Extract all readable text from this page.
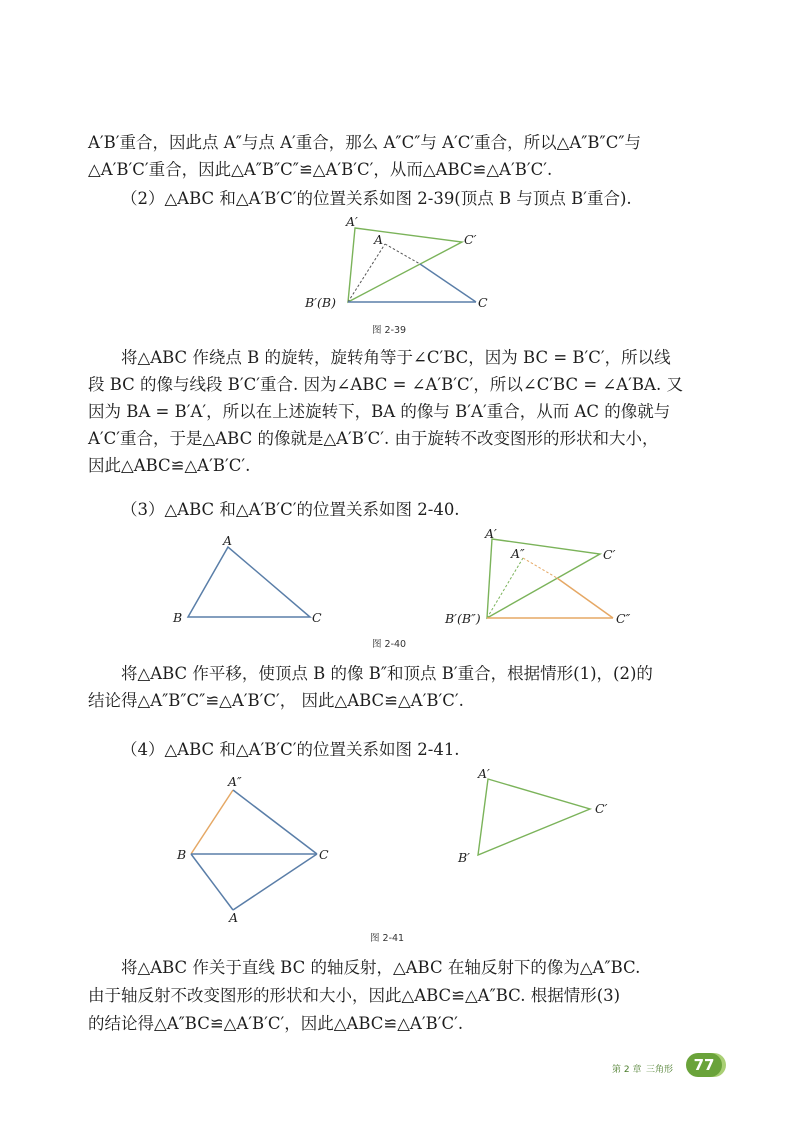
A′B′重合，因此点 A″与点 A′重合，那么 A″C″与 A′C′重合，所以△A″B″C″与

△A′B′C′重合，因此△A″B″C″≌△A′B′C′，从而△ABC≌△A′B′C′.

（2）△ABC 和△A′B′C′的位置关系如图 2-39(顶点 B 与顶点 B′重合).

A′
A	C′
B′(B)	C

图 2-39

将△ABC 作绕点 B 的旋转，旋转角等于∠C′BC，因为 BC = B′C′，所以线

段 BC 的像与线段 B′C′重合. 因为∠ABC = ∠A′B′C′，所以∠C′BC = ∠A′BA. 又

因为 BA = B′A′，所以在上述旋转下，BA 的像与 B′A′重合，从而 AC 的像就与

A′C′重合，于是△ABC 的像就是△A′B′C′. 由于旋转不改变图形的形状和大小，

因此△ABC≌△A′B′C′.

（3）△ABC 和△A′B′C′的位置关系如图 2-40.

A
B	C
A′
A″	C′
B′(B″)	C″

图 2-40

将△ABC 作平移，使顶点 B 的像 B″和顶点 B′重合，根据情形(1)，(2)的

结论得△A″B″C″≌△A′B′C′， 因此△ABC≌△A′B′C′.

（4）△ABC 和△A′B′C′的位置关系如图 2-41.

A″
B	C
A
A′
C′
B′

图 2-41

将△ABC 作关于直线 BC 的轴反射，△ABC 在轴反射下的像为△A″BC.

由于轴反射不改变图形的形状和大小，因此△ABC≌△A″BC. 根据情形(3)

的结论得△A″BC≌△A′B′C′，因此△ABC≌△A′B′C′.

第 2 章 三角形	77
